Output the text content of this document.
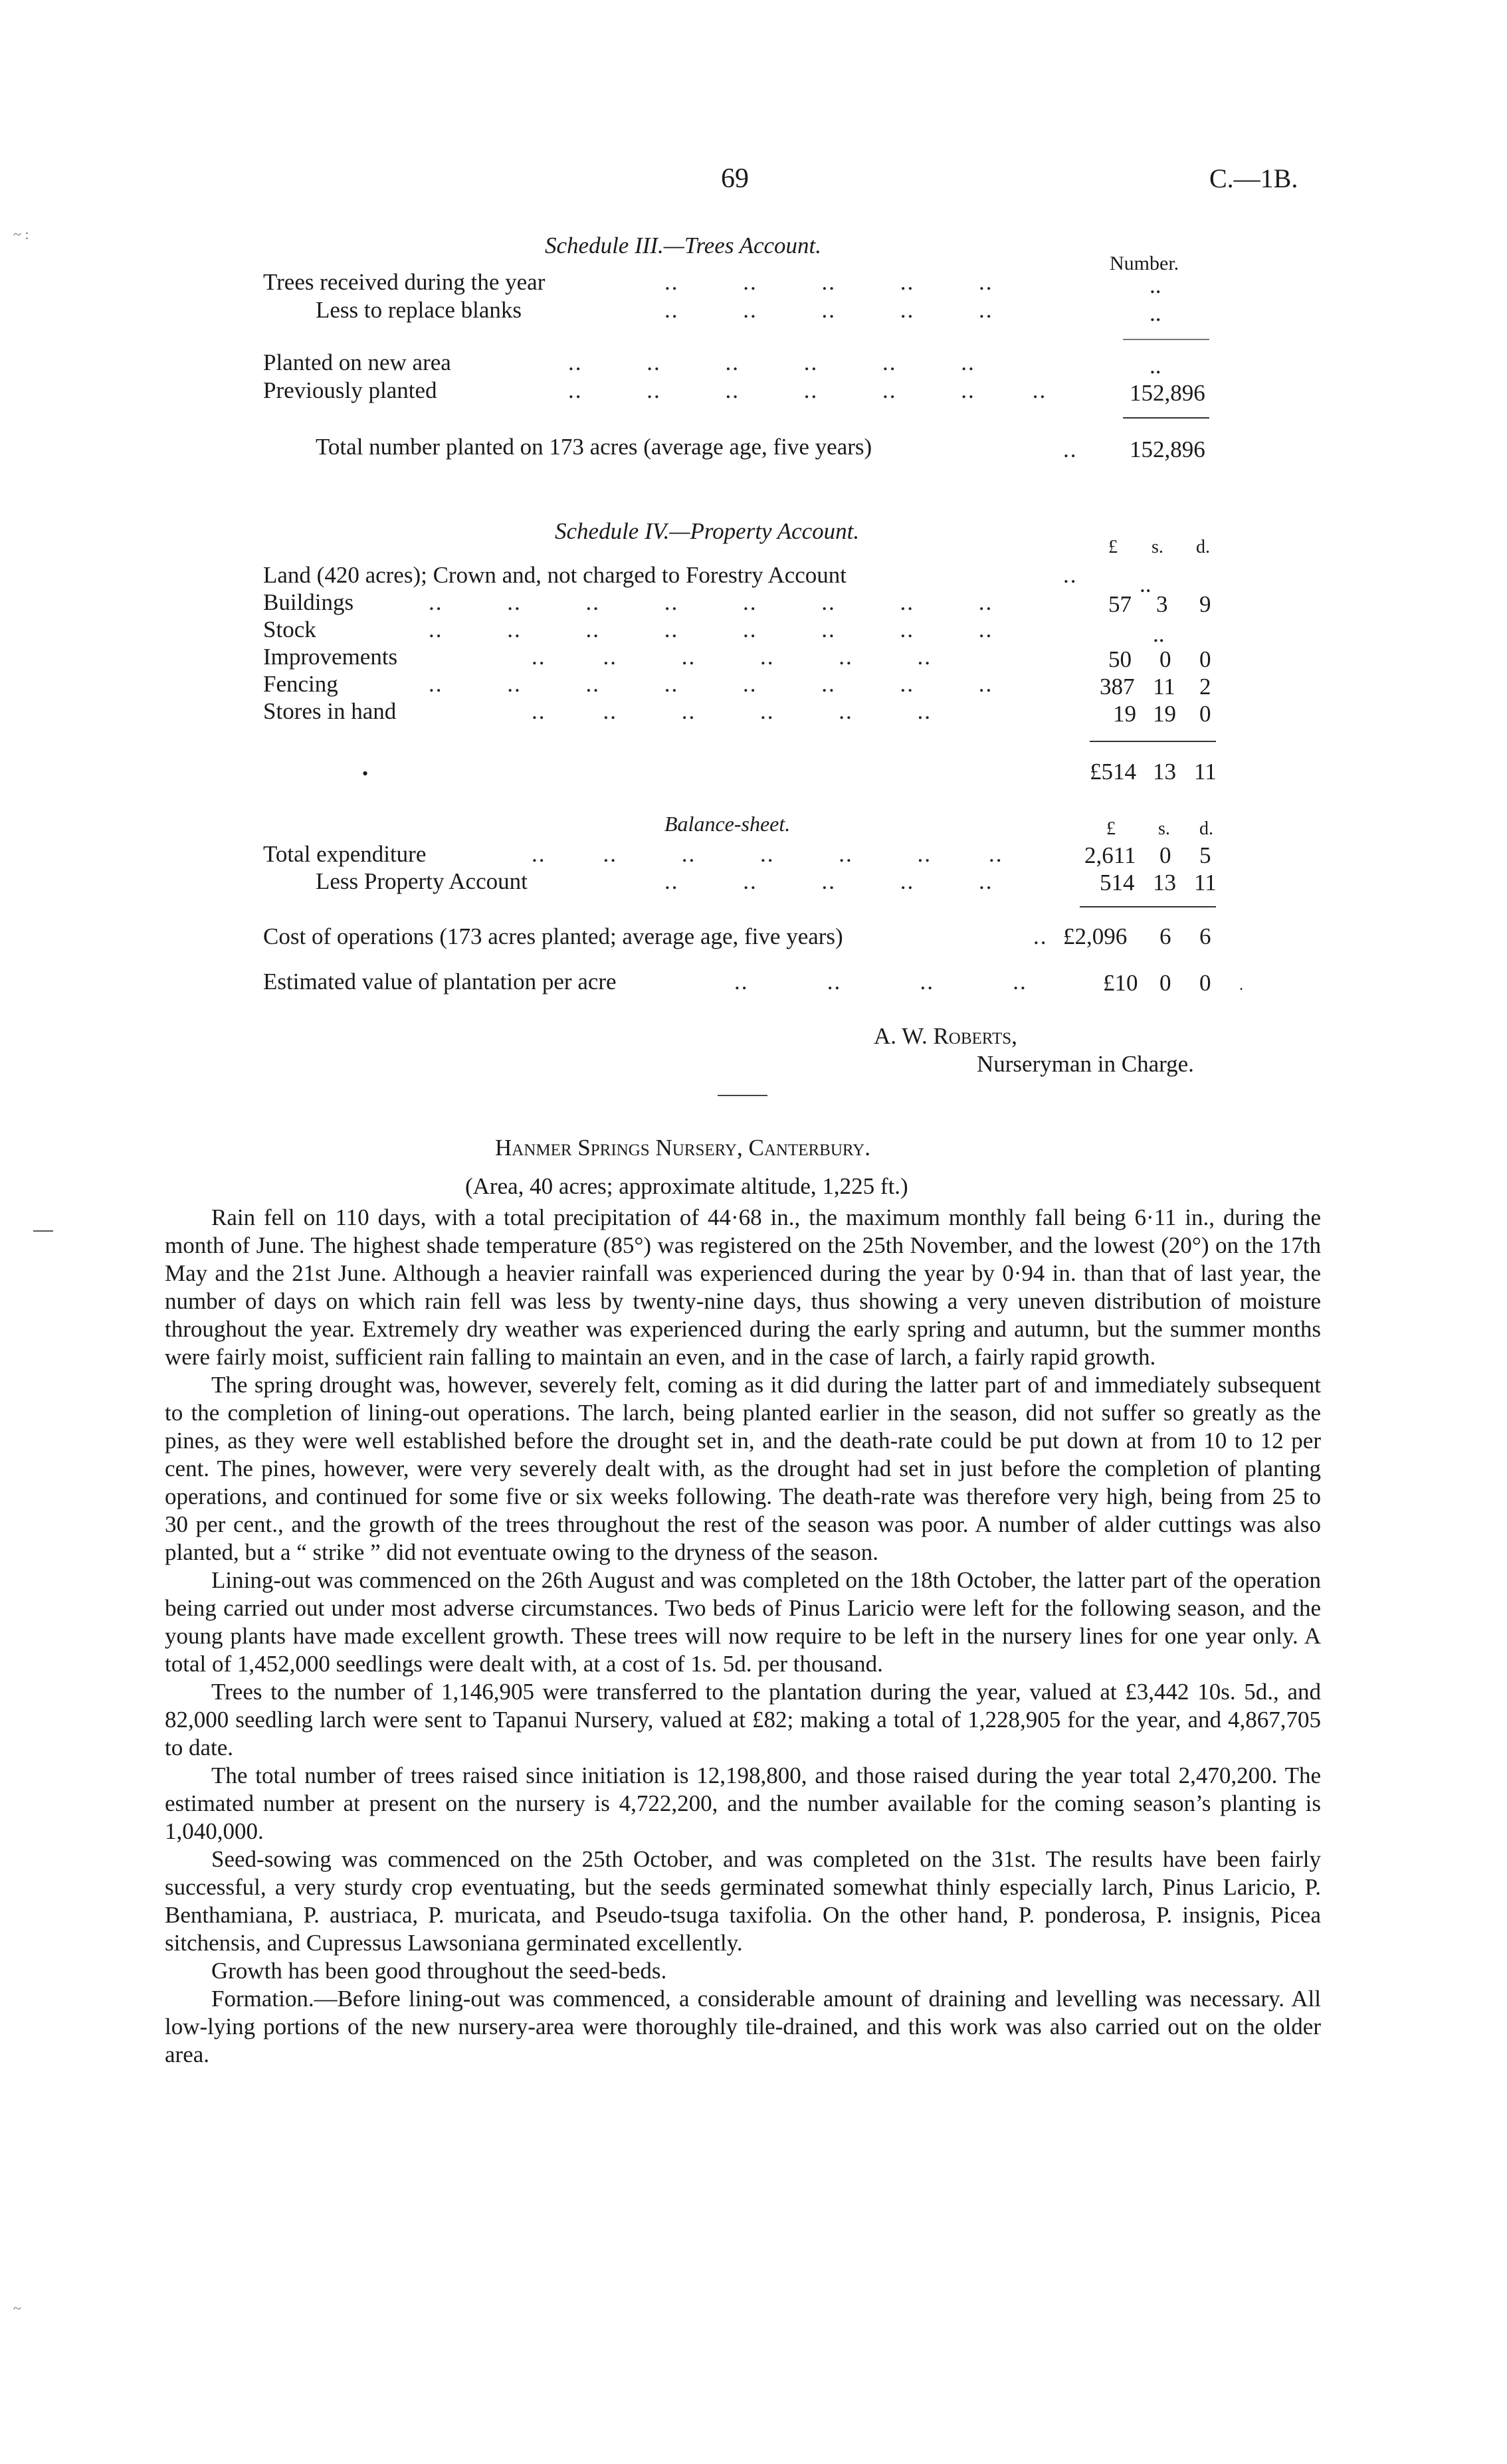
69	C.—1B.
Schedule III.—Trees Account.
Number.
Trees received during the year	..         ..         ..         ..         ..	..
Less to replace blanks	..         ..         ..         ..         ..	..
Planted on new area	..         ..         ..         ..         ..         ..	..
Previously planted	..         ..         ..         ..         ..         ..        ..	152,896
Total number planted on 173 acres (average age, five years)	.. 152,896
Schedule IV.—Property Account.
£ s. d.
Land (420 acres); Crown and, not charged to Forestry Account	..	..
Buildings	..         ..         ..         ..         ..         ..         ..         ..	57 3 9
Stock	..         ..         ..         ..         ..         ..         ..         ..	..
Improvements	..        ..         ..         ..         ..         ..	50 0 0
Fencing	..         ..         ..         ..         ..         ..         ..         ..	387 11 2
Stores in hand	..        ..         ..         ..         ..         ..	19 19 0
•	£514 13 11
Balance-sheet.	£ s. d.
Total expenditure	..        ..         ..         ..         ..         ..        ..	2,611 0 5
Less Property Account	..         ..         ..         ..         ..	514 13 11
Cost of operations (173 acres planted; average age, five years)	.. £2,096 6 6
Estimated value of plantation per acre	..           ..           ..           ..	£10 0 0 .
A. W. Roberts,
Nurseryman in Charge.
Hanmer Springs Nursery, Canterbury.
(Area, 40 acres; approximate altitude, 1,225 ft.)
~ :
~

Rain fell on 110 days, with a total precipitation of 44·68 in., the maximum monthly fall being 6·11 in., during the month of June. The highest shade temperature (85°) was registered on the 25th November, and the lowest (20°) on the 17th May and the 21st June. Although a heavier rainfall was experienced during the year by 0·94 in. than that of last year, the number of days on which rain fell was less by twenty-nine days, thus showing a very uneven distribution of moisture throughout the year. Extremely dry weather was experienced during the early spring and autumn, but the summer months were fairly moist, sufficient rain falling to maintain an even, and in the case of larch, a fairly rapid growth.

The spring drought was, however, severely felt, coming as it did during the latter part of and immediately subsequent to the completion of lining-out operations. The larch, being planted earlier in the season, did not suffer so greatly as the pines, as they were well established before the drought set in, and the death-rate could be put down at from 10 to 12 per cent. The pines, however, were very severely dealt with, as the drought had set in just before the completion of planting operations, and continued for some five or six weeks following. The death-rate was therefore very high, being from 25 to 30 per cent., and the growth of the trees throughout the rest of the season was poor. A number of alder cuttings was also planted, but a “ strike ” did not eventuate owing to the dryness of the season.

Lining-out was commenced on the 26th August and was completed on the 18th October, the latter part of the operation being carried out under most adverse circumstances. Two beds of Pinus Laricio were left for the following season, and the young plants have made excellent growth. These trees will now require to be left in the nursery lines for one year only. A total of 1,452,000 seedlings were dealt with, at a cost of 1s. 5d. per thousand.

Trees to the number of 1,146,905 were transferred to the plantation during the year, valued at £3,442 10s. 5d., and 82,000 seedling larch were sent to Tapanui Nursery, valued at £82; making a total of 1,228,905 for the year, and 4,867,705 to date.

The total number of trees raised since initiation is 12,198,800, and those raised during the year total 2,470,200. The estimated number at present on the nursery is 4,722,200, and the number available for the coming season’s planting is 1,040,000.

Seed-sowing was commenced on the 25th October, and was completed on the 31st. The results have been fairly successful, a very sturdy crop eventuating, but the seeds germinated somewhat thinly especially larch, Pinus Laricio, P. Benthamiana, P. austriaca, P. muricata, and Pseudo-tsuga taxifolia. On the other hand, P. ponderosa, P. insignis, Picea sitchensis, and Cupressus Lawsoniana germinated excellently.

Growth has been good throughout the seed-beds.

Formation.—Before lining-out was commenced, a considerable amount of draining and levelling was necessary. All low-lying portions of the new nursery-area were thoroughly tile-drained, and this work was also carried out on the older area.
